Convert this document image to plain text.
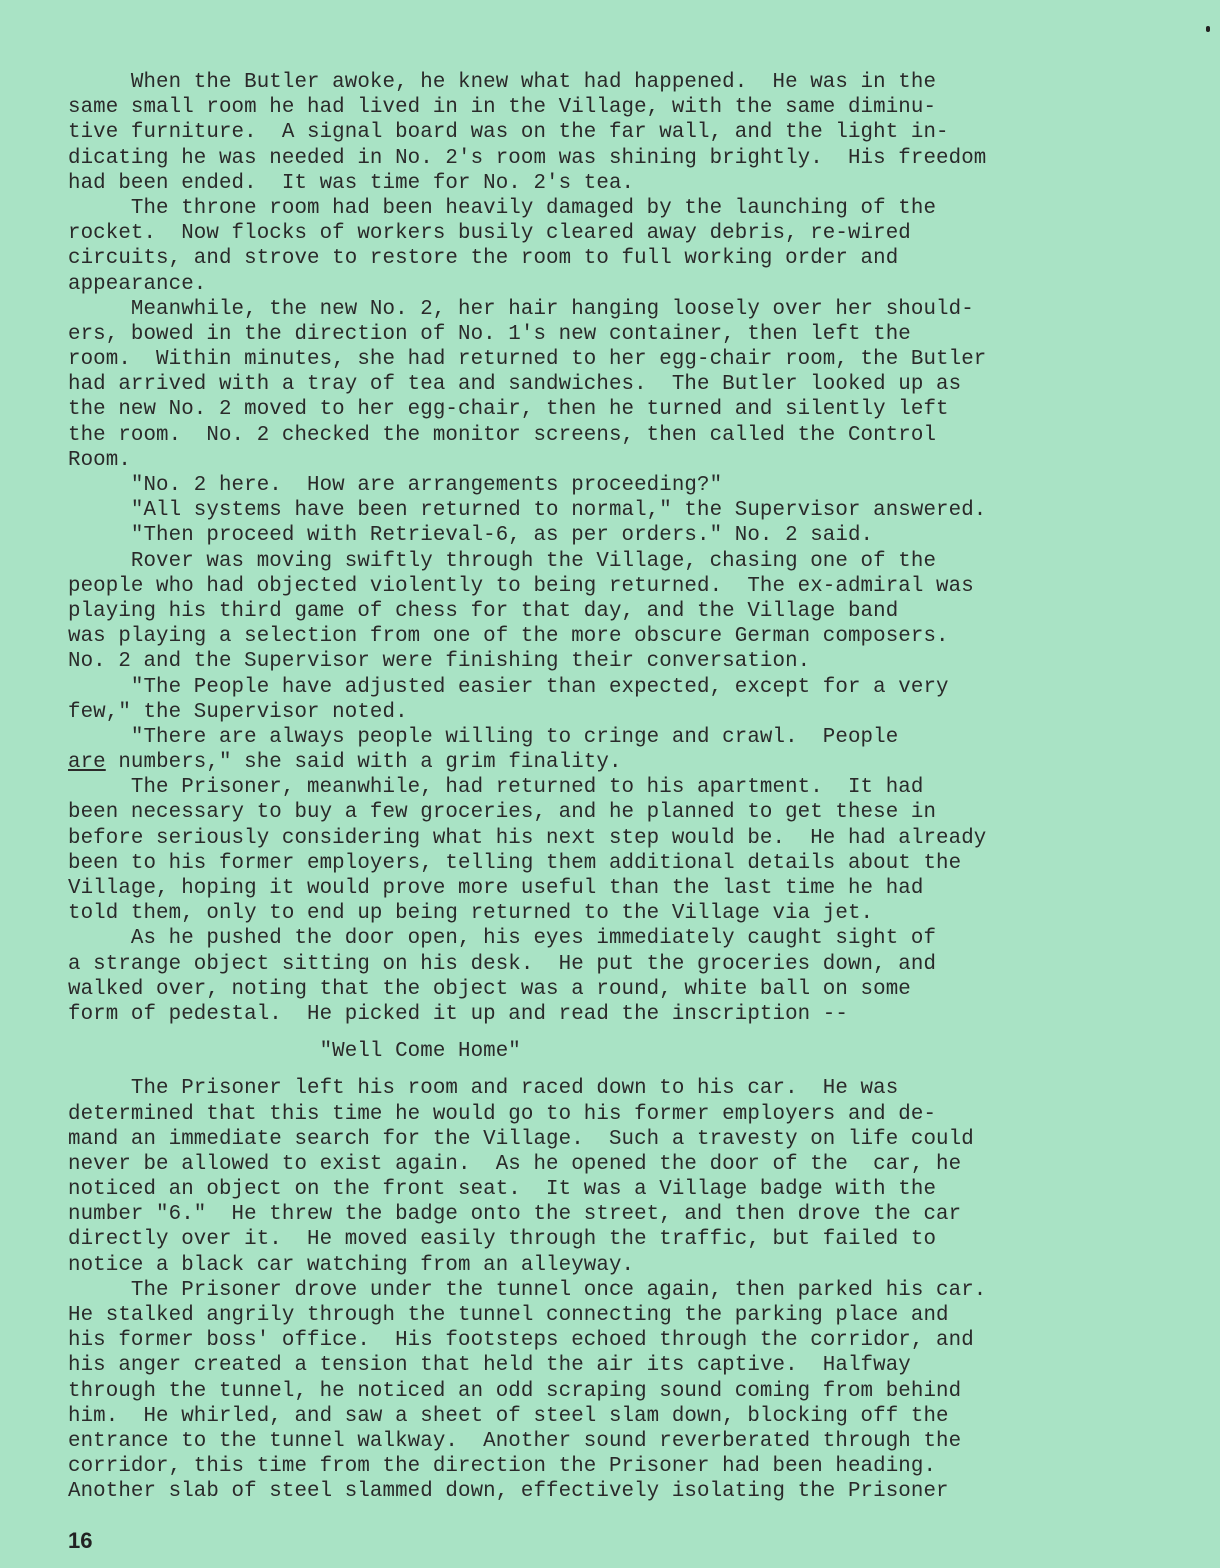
When the Butler awoke, he knew what had happened.  He was in the
same small room he had lived in in the Village, with the same diminu-
tive furniture.  A signal board was on the far wall, and the light in-
dicating he was needed in No. 2's room was shining brightly.  His freedom
had been ended.  It was time for No. 2's tea.
The throne room had been heavily damaged by the launching of the
rocket.  Now flocks of workers busily cleared away debris, re-wired
circuits, and strove to restore the room to full working order and
appearance.
Meanwhile, the new No. 2, her hair hanging loosely over her should-
ers, bowed in the direction of No. 1's new container, then left the
room.  Within minutes, she had returned to her egg-chair room, the Butler
had arrived with a tray of tea and sandwiches.  The Butler looked up as
the new No. 2 moved to her egg-chair, then he turned and silently left
the room.  No. 2 checked the monitor screens, then called the Control
Room.
"No. 2 here.  How are arrangements proceeding?"
"All systems have been returned to normal," the Supervisor answered.
"Then proceed with Retrieval-6, as per orders." No. 2 said.
Rover was moving swiftly through the Village, chasing one of the
people who had objected violently to being returned.  The ex-admiral was
playing his third game of chess for that day, and the Village band
was playing a selection from one of the more obscure German composers.
No. 2 and the Supervisor were finishing their conversation.
"The People have adjusted easier than expected, except for a very
few," the Supervisor noted.
"There are always people willing to cringe and crawl.  People
are numbers," she said with a grim finality.
The Prisoner, meanwhile, had returned to his apartment.  It had
been necessary to buy a few groceries, and he planned to get these in
before seriously considering what his next step would be.  He had already
been to his former employers, telling them additional details about the
Village, hoping it would prove more useful than the last time he had
told them, only to end up being returned to the Village via jet.
As he pushed the door open, his eyes immediately caught sight of
a strange object sitting on his desk.  He put the groceries down, and
walked over, noting that the object was a round, white ball on some
form of pedestal.  He picked it up and read the inscription --
"Well Come Home"
The Prisoner left his room and raced down to his car.  He was
determined that this time he would go to his former employers and de-
mand an immediate search for the Village.  Such a travesty on life could
never be allowed to exist again.  As he opened the door of the  car, he
noticed an object on the front seat.  It was a Village badge with the
number "6."  He threw the badge onto the street, and then drove the car
directly over it.  He moved easily through the traffic, but failed to
notice a black car watching from an alleyway.
The Prisoner drove under the tunnel once again, then parked his car.
He stalked angrily through the tunnel connecting the parking place and
his former boss' office.  His footsteps echoed through the corridor, and
his anger created a tension that held the air its captive.  Halfway
through the tunnel, he noticed an odd scraping sound coming from behind
him.  He whirled, and saw a sheet of steel slam down, blocking off the
entrance to the tunnel walkway.  Another sound reverberated through the
corridor, this time from the direction the Prisoner had been heading.
Another slab of steel slammed down, effectively isolating the Prisoner
16
